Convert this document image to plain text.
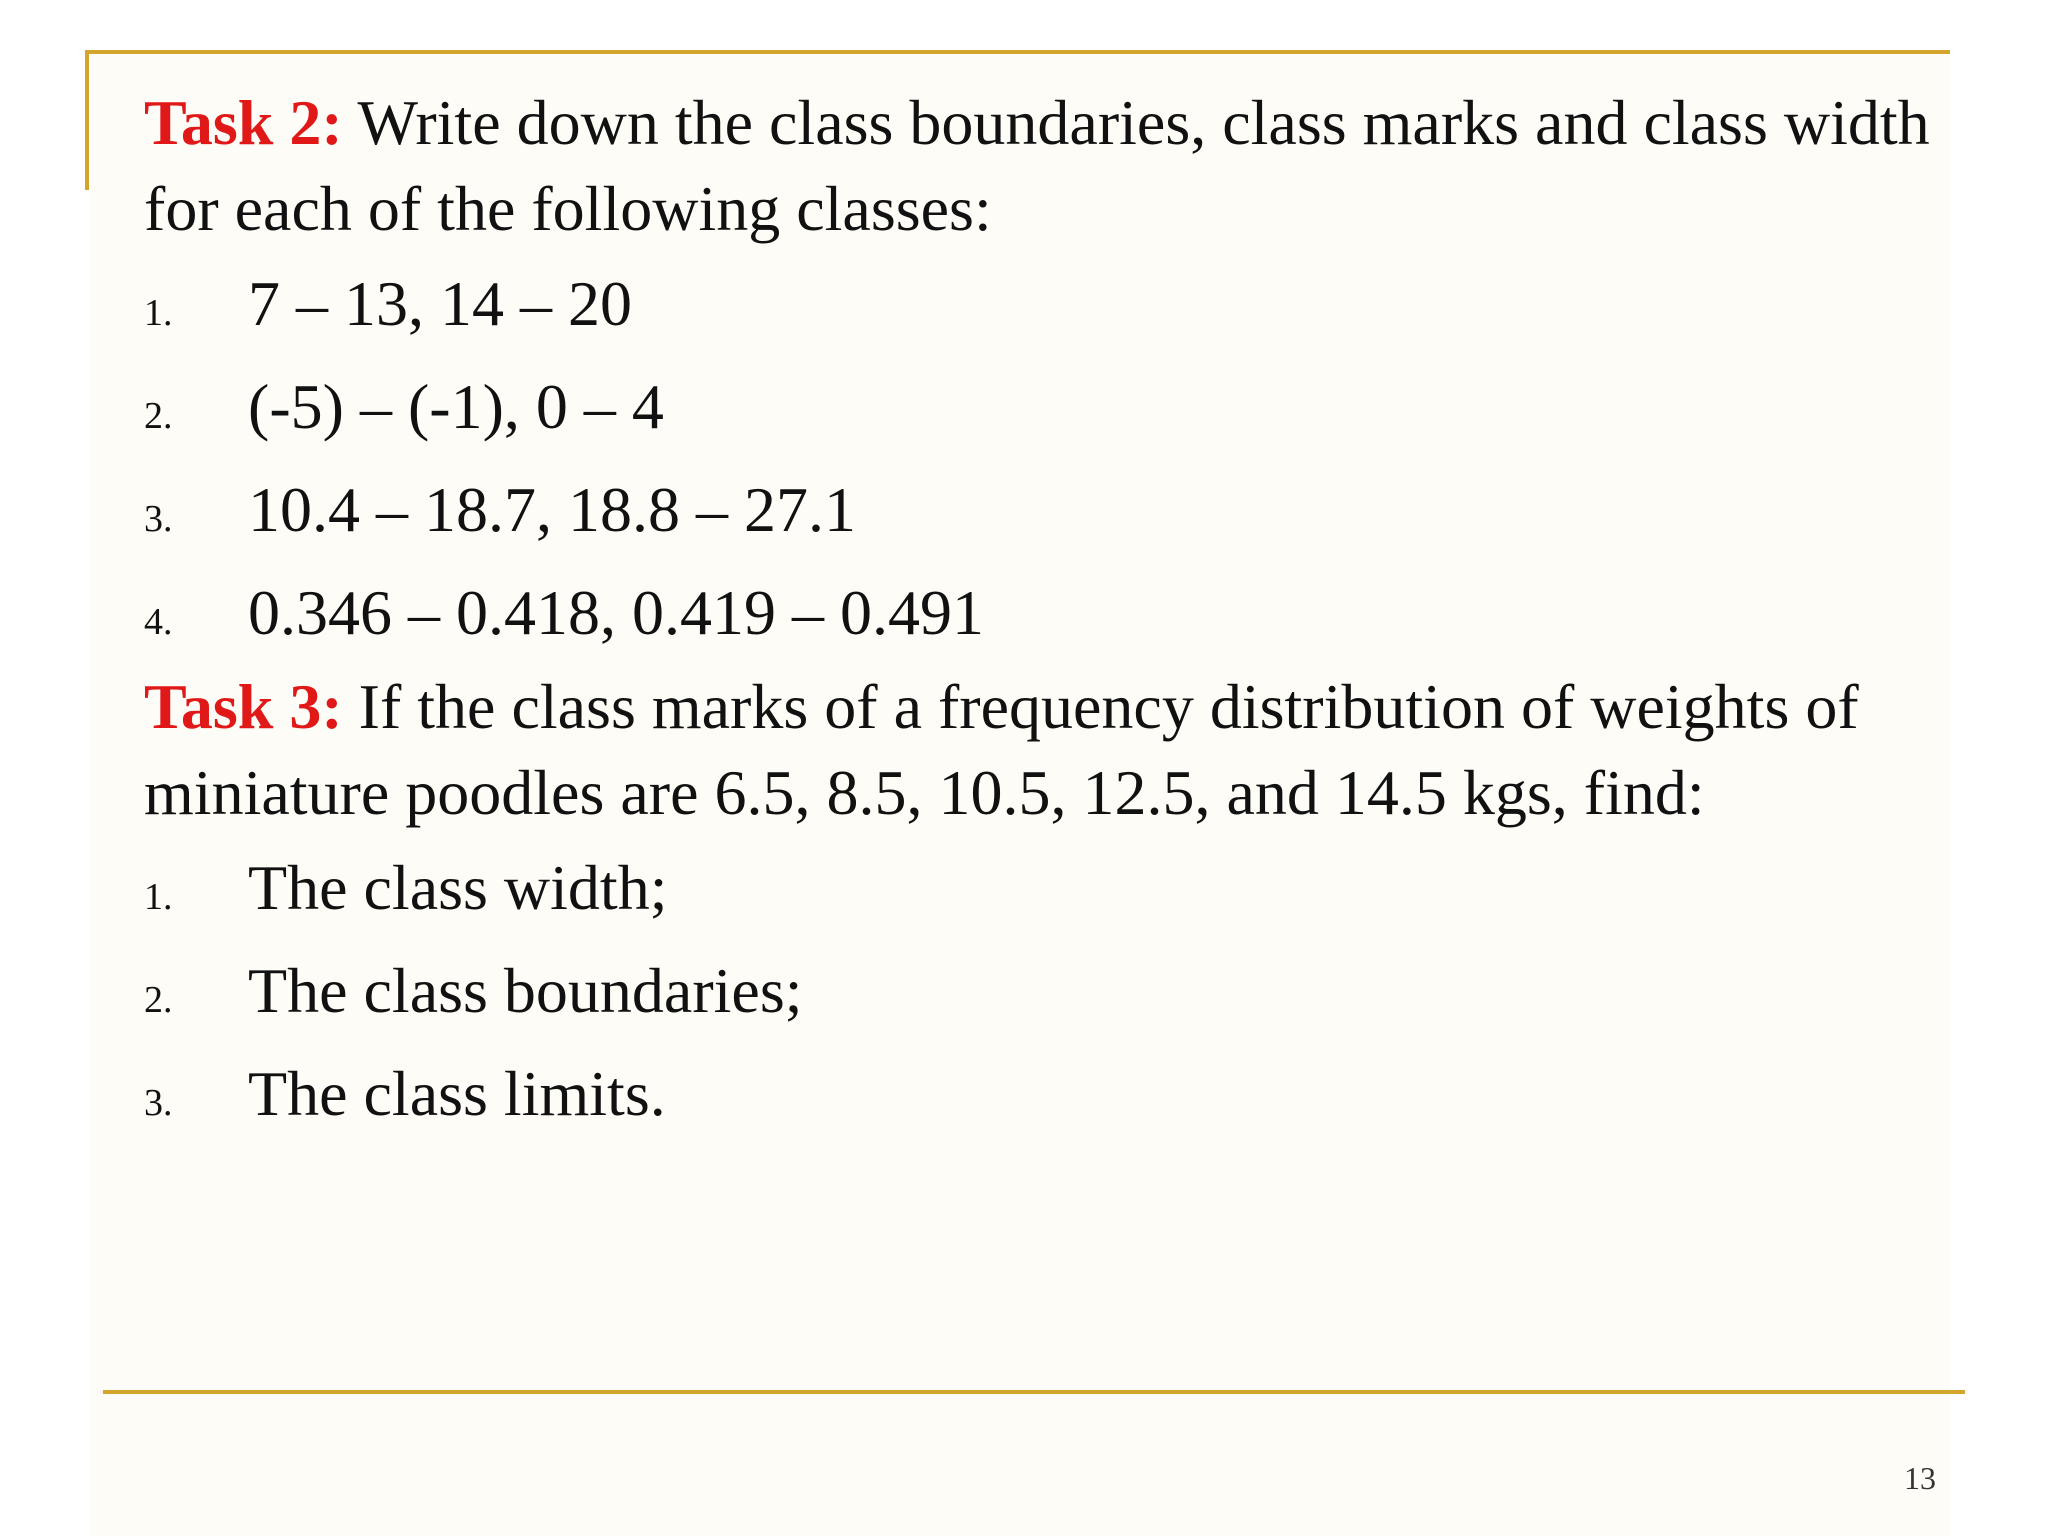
Task 2: Write down the class boundaries, class marks and class width for each of the following classes:

1.	7 – 13, 14 – 20
2.	(-5) – (-1), 0 – 4
3.	10.4 – 18.7, 18.8 – 27.1
4.	0.346 – 0.418, 0.419 – 0.491

Task 3: If the class marks of a frequency distribution of weights of miniature poodles are 6.5, 8.5, 10.5, 12.5, and 14.5 kgs, find:

1.	The class width;
2.	The class boundaries;
3.	The class limits.
13
